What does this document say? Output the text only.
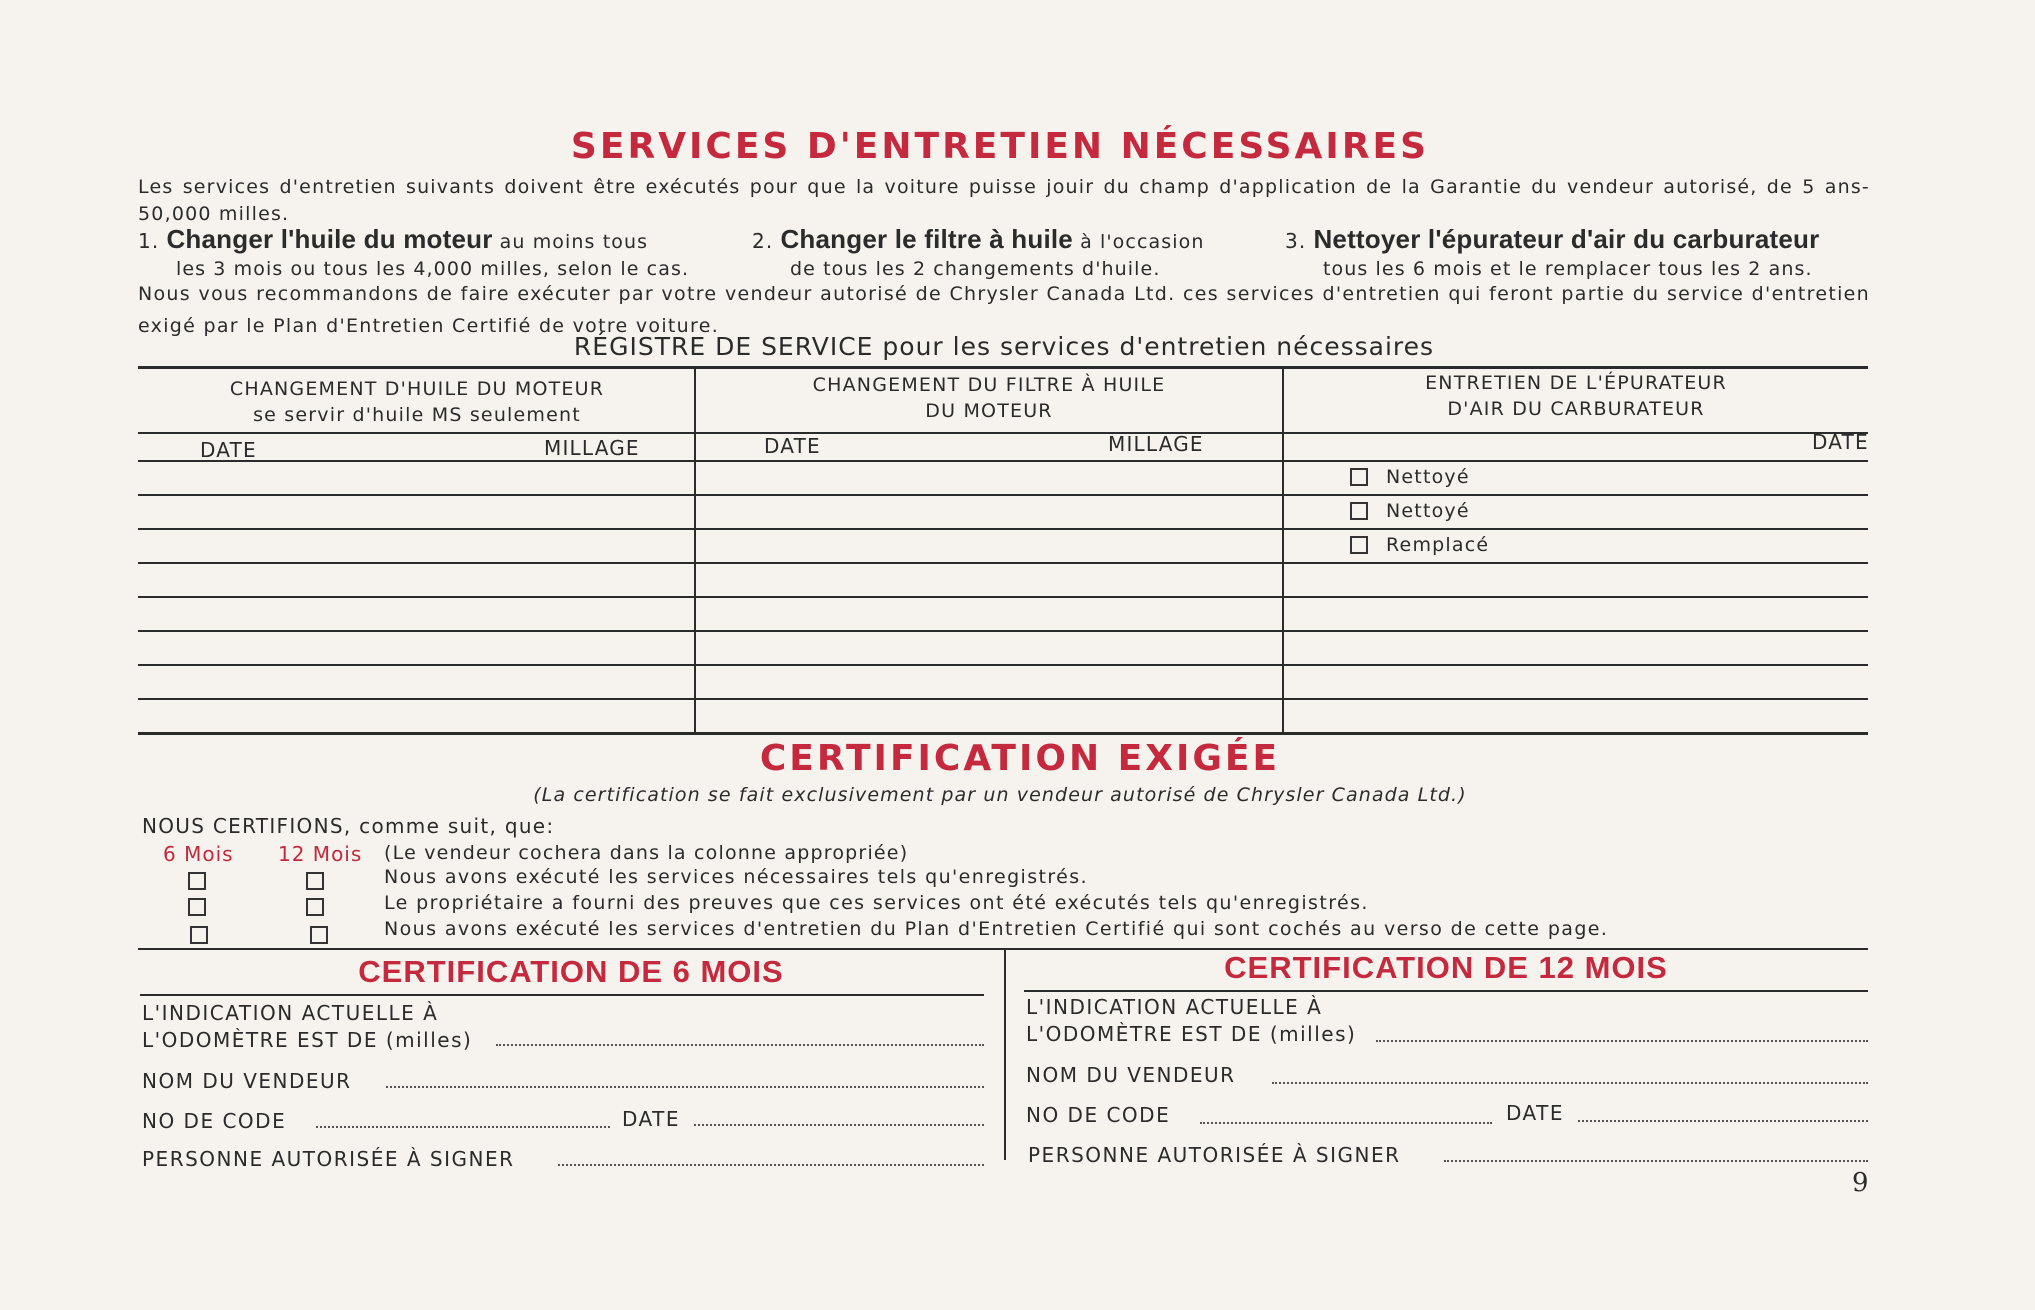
SERVICES D'ENTRETIEN NÉCESSAIRES
Les services d'entretien suivants doivent être exécutés pour que la voiture puisse jouir du champ d'application de la Garantie du vendeur autorisé, de 5 ans-50,000 milles.
1. Changer l'huile du moteur au moins tous
les 3 mois ou tous les 4,000 milles, selon le cas.
2. Changer le filtre à huile à l'occasion
de tous les 2 changements d'huile.
3. Nettoyer l'épurateur d'air du carburateur
tous les 6 mois et le remplacer tous les 2 ans.
Nous vous recommandons de faire exécuter par votre vendeur autorisé de Chrysler Canada Ltd. ces services d'entretien qui feront partie du service d'entretien exigé par le Plan d'Entretien Certifié de votre voiture.
RÉGISTRE DE SERVICE pour les services d'entretien nécessaires
CHANGEMENT D'HUILE DU MOTEUR
se servir d'huile MS seulement
CHANGEMENT DU FILTRE À HUILE
DU MOTEUR
ENTRETIEN DE L'ÉPURATEUR
D'AIR DU CARBURATEUR
DATE	MILLAGE	DATE	MILLAGE	DATE
Nettoyé
Nettoyé
Remplacé
CERTIFICATION EXIGÉE
(La certification se fait exclusivement par un vendeur autorisé de Chrysler Canada Ltd.)
NOUS CERTIFIONS, comme suit, que:
6 Mois 12 Mois (Le vendeur cochera dans la colonne appropriée)
Nous avons exécuté les services nécessaires tels qu'enregistrés.
Le propriétaire a fourni des preuves que ces services ont été exécutés tels qu'enregistrés.
Nous avons exécuté les services d'entretien du Plan d'Entretien Certifié qui sont cochés au verso de cette page.
CERTIFICATION DE 6 MOIS
L'INDICATION ACTUELLE À
L'ODOMÈTRE EST DE (milles)
NOM DU VENDEUR
NO DE CODE	DATE
PERSONNE AUTORISÉE À SIGNER
CERTIFICATION DE 12 MOIS
L'INDICATION ACTUELLE À
L'ODOMÈTRE EST DE (milles)
NOM DU VENDEUR
NO DE CODE	DATE
PERSONNE AUTORISÉE À SIGNER
9
